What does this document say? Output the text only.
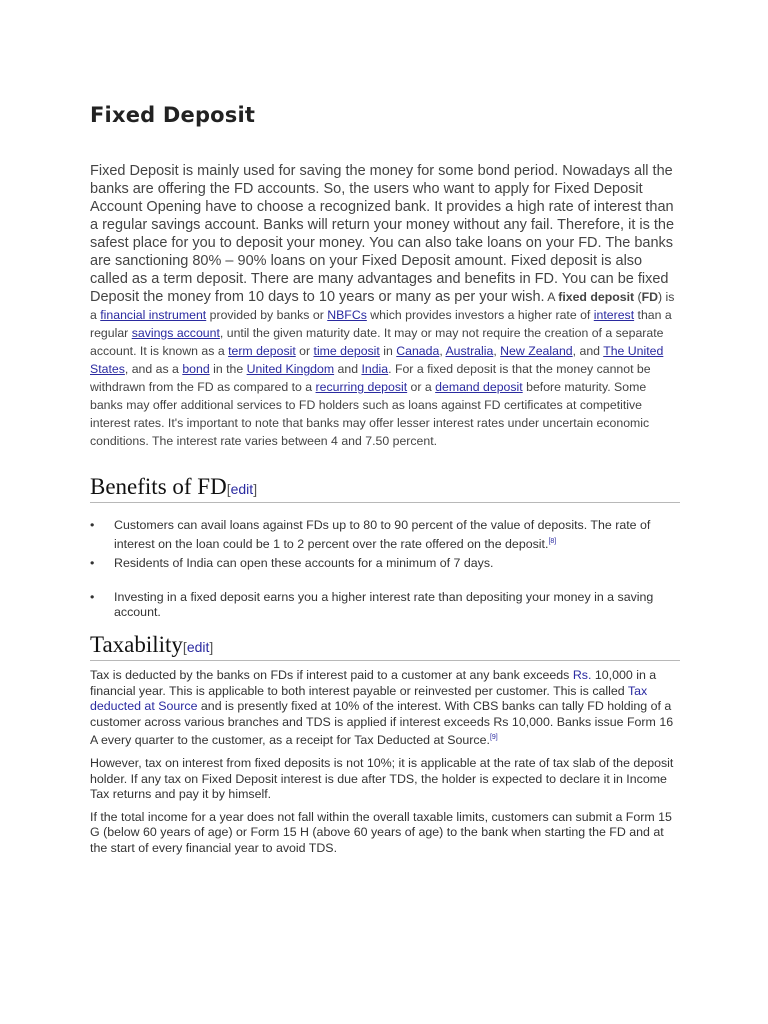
Fixed Deposit
Fixed Deposit is mainly used for saving the money for some bond period. Nowadays all the banks are offering the FD accounts. So, the users who want to apply for Fixed Deposit Account Opening have to choose a recognized bank. It provides a high rate of interest than a regular savings account. Banks will return your money without any fail. Therefore, it is the safest place for you to deposit your money. You can also take loans on your FD. The banks are sanctioning 80% – 90% loans on your Fixed Deposit amount. Fixed deposit is also called as a term deposit. There are many advantages and benefits in FD. You can be fixed Deposit the money from 10 days to 10 years or many as per your wish. A fixed deposit (FD) is a financial instrument provided by banks or NBFCs which provides investors a higher rate of interest than a regular savings account, until the given maturity date. It may or may not require the creation of a separate account. It is known as a term deposit or time deposit in Canada, Australia, New Zealand, and The United States, and as a bond in the United Kingdom and India. For a fixed deposit is that the money cannot be withdrawn from the FD as compared to a recurring deposit or a demand deposit before maturity. Some banks may offer additional services to FD holders such as loans against FD certificates at competitive interest rates. It's important to note that banks may offer lesser interest rates under uncertain economic conditions. The interest rate varies between 4 and 7.50 percent.
Benefits of FD[edit]
• Customers can avail loans against FDs up to 80 to 90 percent of the value of deposits. The rate of interest on the loan could be 1 to 2 percent over the rate offered on the deposit.[8]
• Residents of India can open these accounts for a minimum of 7 days.
• Investing in a fixed deposit earns you a higher interest rate than depositing your money in a saving account.
Taxability[edit]

Tax is deducted by the banks on FDs if interest paid to a customer at any bank exceeds Rs. 10,000 in a financial year. This is applicable to both interest payable or reinvested per customer. This is called Tax deducted at Source and is presently fixed at 10% of the interest. With CBS banks can tally FD holding of a customer across various branches and TDS is applied if interest exceeds Rs 10,000. Banks issue Form 16 A every quarter to the customer, as a receipt for Tax Deducted at Source.[9]

However, tax on interest from fixed deposits is not 10%; it is applicable at the rate of tax slab of the deposit holder. If any tax on Fixed Deposit interest is due after TDS, the holder is expected to declare it in Income Tax returns and pay it by himself.

If the total income for a year does not fall within the overall taxable limits, customers can submit a Form 15 G (below 60 years of age) or Form 15 H (above 60 years of age) to the bank when starting the FD and at the start of every financial year to avoid TDS.
